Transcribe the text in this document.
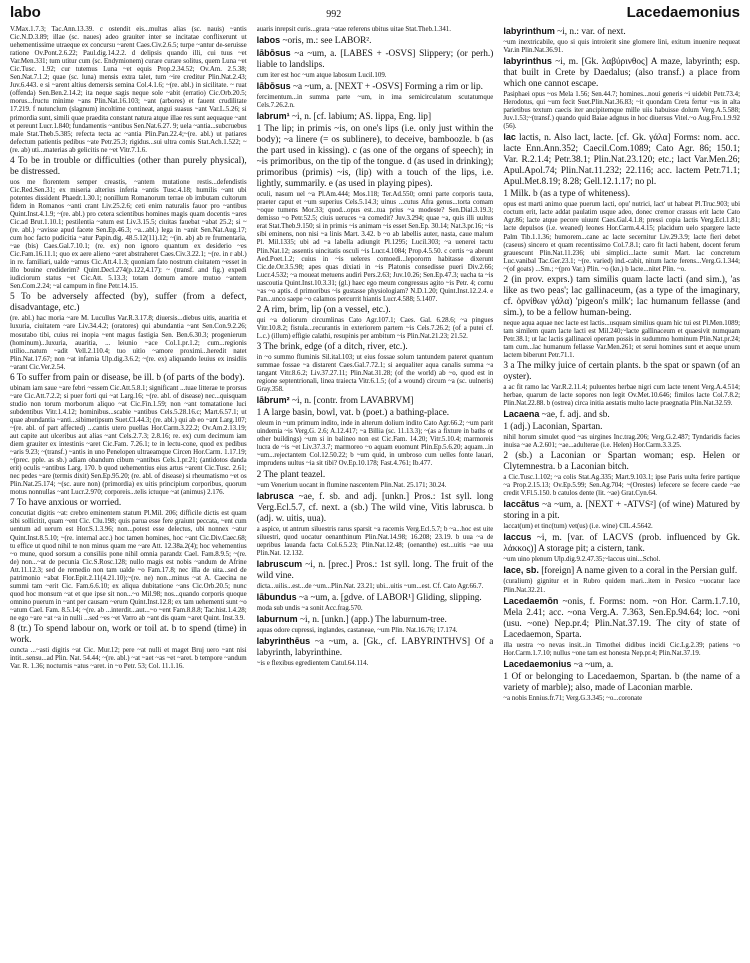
labo	992	Lacedaemonius

V.Max.1.7.3; Tac.Ann.13.39. c ostendit eis...multas alias (sc. nauis) ~antis Cic.N.D.3.89; illae (sc. naues) adeo grauiter inter se incitatae conflixerunt ut uehementissime utraeque ex concursu ~arent Caes.Civ.2.6.5; turpe ~antur de-seruisse ratione Ov.Pont.2.6.22; Paul.dig.14.2.2. d delipsis quando illi, cui tuus ~et Var.Men.331; tum utitur cum (sc. Endymionem) curare curare solitus, quem Luna ~et Cic.Tusc. 1.92; cur tutemus Luna ~et equis Prop.2.34.52; Ov.Am. 2.5.38; Sen.Nat.7.1.2; quae (sc. luna) mensis extra talet, tum ~ire creditur Plin.Nat.2.43; Juv.6.443. e si ~arent altius demersis semina Col.4.1.6; ~(re. abl.) in sicilitate. ~ ruat (offenda) Sen.Ben.2.14.2; ita neque sagis neque sole ~abit (erratio) Cic.Orb.20.5; morus...fructu minime ~ans Plin.Nat.16.103; ~ant (arbores) et fauent crudilitate 17.219. f nutunclum (slagnum) incoltime contineat, angui suasus ~ant Var.L.5.26; si primordia sunt, simili quae praedita constant natura atque illae res sunt aequaque ~ant et pereunt Lucr.1.840; fundamentis ~antibus Sen.Nat.6.27. 9; uela ~antia...subcruebus male Stat.Theb.5.385; refecta tecta ac ~antia Plin.Pan.22.4;~(re. abl.) ut patiares defectum patientis pedibus ~ate Petr.25.3; rigidus...sui ultra comis Stat.Ach.1.522; ~(re. ab) uti...materias ab gelicitis ne ~et Vitr.7.1.6.

4 To be in trouble or difficulties (other than purely physical), be distressed.

uos me florentem semper creastis, ~antem mutatione restis...defendistis Cic.Red.Sen.31; ex miseria alterius inferia ~antis Tusc.4.18; humilis ~ant ubi potentes dissident Phaedr.1.30.1; nonillum Romanorum terrae ob imbutam cultorum fidem in Romanos ~anti crant Liv.25.2.6; ceti enim naturalis fauor pro ~antibus Quint.Inst.4.1.9; ~(re. abl.) pro cetera scientibus homines magis quam docentis ~ares Cic.ad Brut.1.10.1; pestilentia ~atum est Liv.3.15.5; ciuitas fauebat ~abat 25.2; si ~(re. abl.) ~avisse apud facete Sen.Ep.46.3; ~a...abl.) lega in ~anit Sen.Nat.Aug.17; cum hoc facto pudicitia ~atur Papin.dig. 48.5.12(11).12; ~(in. ab) ab re frumentaria, ~ae (bis) Caes.Gal.7.10.1; (re. ex) non ignoro quantum ex desiderio ~es Cic.Fam.16.11.1; quo ex aere alieno ~aret abstraheret Caes.Civ.3.22.1; ~(re. in r abl.) in re. familiari, ualde ~amus Cic.Att.4.1.3; quoniam fato nostrum ciuitatem ~esset in illo bouine crediderim? Quint.Decl.274(p.122,4.17): ~ (transf. and fig.) expedi iudiciorum status ~et Cic.Att. 5.13.3; totam domum amore mutuo ~antem Sen.Com.2.24; ~al campum in fine Petr.14.15.

5 To be adversely affected (by), suffer (from a defect, disadvantage, etc.)

(re. abl.) hac moria ~are M. Lucullus Var.R.3.17.8; diuersis...diebus uitis, auaritia et luxuria, ciuitatem ~are Liv.34.4.2; (oratores) qui abundantia ~ant Sen.Con.9.2.26; mosutabo tibi, cuius rei inopia ~ent magus fastigia Sen. Ben.6.30.3; progenierum (hominum)...luxuria, auaritia, ... leiunio ~ace Col.1.pr.1.2; cum...regionis utilio...natum ~adit Vell.2.110.4; tuo uitio ~amore proximi...heredit natet Plin.Nat.17.67; non ~at infamia Ulp.dig.3.6.2; ~(re. ex) aliquando leuius ex insidiis ~arant Cic.Ver.2.54.

6 To suffer from pain or disease, be ill. b (of parts of the body).

ubinam iam saue ~are febri ~essem Cic.Att.5.8.1; significant ...tuae litterae te prorsus ~are Cic.Att.7.2.2; si puer forti qui ~at Larg.16; ~(re. abl. of disease) nec...quisquam studio non torum morborum aliquo ~at Cic.Fin.1.59; non ~ant tomatatione luci subdentibus Vitr.1.4.12; hominibus...scabie ~antibus Cels.5.28.16.c; Mart.6.57.1; ut quae abundantia ~anti...sibimetipsum Suet.Cl.44.3; (re. abl.) qui ab eo ~ant Larg.107; ~(re. abl. of part affected) ...cantis utero puellas Hor.Carm.3.22.2; Ov.Am.2.13.19; aut capite aut ulceribus aut alias ~ant Cels.2.7.3; 2.8.16; re. ex) cum decimum iam diem grauiter ex intestinis ~aret Cic.Fam. 7.26.1; te in lectu-cone, quod ex pedibus ~aris 9.23; ~(transf.) ~antis in uno Penelopen ultraeamque Circen Hor.Carm. 1.17.19; ~(prec. pple. as sb.) adiam obandum cibum ~antibus Cels.1.pr.21; (antidotos danda erit) oculis ~antibus Larg. 170. b quod uehementius eius artus ~arent Cic.Tusc. 2.61; nec pedes ~are (termis dixit) Sen.Ep.95.20; (re. abl. of disease) si rheumatismo ~et os Plin.Nat.25.174; ~(sc. aure non) (primordia) ex uitis principium corporibus, quorum motus nonnullas ~ant Lucr.2.970; corporeis...telis ictuque ~at (animus) 2.176.

7 To have anxious or worried.

concutiat digitis ~at: crebro eminentem statum Pl.Mil. 206; difficile dictis est quam sibi sollicitit, quam ~ent Cic. Clu.198; quis parua esse fere graiunt peccata, ~ent cum uentum ad uerum est Hor.S.1.3.96; non...potest esse delectus, ubi nonnex ~atur Quint.Inst.8.5.10; ~(re. internal acc.) hoc tamen homines, hoc ~ant Cic.Div.Caec.68; tu effice ut quod nihil te non minus quam me ~are Att. 12.38a.2(4); hoc vehementius ~o mune, quod sorsum a consiliis pone nihil omnia parandz Cael. Fam.8.9.5; ~(re. de) non...~at de pecunia Cic.S.Rosc.128; nullo magis est nobis ~andum de Afrine Att.11.12.3; sed de remedio non tam ualde ~o Fam.17.8; nec illa de uita...sed de patrimonio ~abat Flor.Epit.2.11(4.21.10);~(re. ne) non...minus ~at A. Caecina ne summi tam ~erit Cic. Fam.6.6.10; ex aliqua dubitatione ~ans Cic.Orb.20.5; nunc quod hoc monsum ~at et que ipse sit non...~o Mil.98; nos...quando corporis quoque omnino puerum in ~ant per causam ~erum Quint.Inst.12.8; ex tam uehementi sunt ~o ~atum Cael. Fam. 8.5.14; ~(re. ab ...interdit...aut...~o ~ent Fam.8.8.8; Tac.hist.1.4.28; ne ego ~are ~at ~a in nulli ...sed ~es ~et Varro ab ~ant dis quam ~aret Quint. Inst.3.9.

8 (tr.) To spend labour on, work or toil at. b to spend (time) in work.

cuncta ...~asti digitis ~at Cic. Mur.12; pere ~at nulli et maget Bruj uero ~ant nisi intit...sensu...ad Plin. Nat. 54.44; ~(re. abl.) ~at ~aet ~as ~et ~aret. b tempore ~andum Var. R. 1.36; nocturnis ~atus ~aret. in ~o Petr. 53; Col. 11.1.16.

auaris inrepsit curis...grata ~atae referens ubitus uitae Stat.Theb.1.341.

labos ~oris, m.: see LABOR².

lābōsus ~a ~um, a. [LABES + -OSVS] Slippery; (or perh.) liable to landslips.

cum iter est hoc ~um atque labosum Lucil.109.

lābōsus ~a ~um, a. [NEXT + -OSVS] Forming a rim or lip.

fercimentum...in summa parte ~um, in ima semicirculatum scutatumque Cels.7.26.2.n.

labrum¹ ~i, n. [cf. labium; AS. lippa, Eng. lip]

1 The lip; in primis ~is, on one's lips (i.e. only just within the body); ~a linere (= os sublinere), to deceive, bamboozle. b (as the part used in kissing). c (as one of the organs of speech); in ~is primoribus, on the tip of the tongue. d (as used in drinking); primoribus (primis) ~is, (lip) with a touch of the lips, i.e. lightly, summarily. e (as used in playing pipes).

oculi, nasum uel ~a Pl.Am.444; Mos.118; Ter.Ad.550; omni parte corporis tauta, praeter caput et ~um superius Cels.5.14.3; uinus ...cutus Afra genus...torta comam ~oque tumens Mor.33; quod...opus est...tua prius ~a modeste? Sen.Dial.3.19.3; demisso ~o Petr.52.5; ciuis ueruces ~a comedit? Juv.3.294; quae ~a, quis illi uultus erat Stat.Theb.9.150; si in primis ~is animam ~is esset Sen.Ep. 30.14; Nat.3.pr.16; ~is sibi eminens, non nisi ~a linis Mart. 3.42. b ~o ab labellis auter, nasta, caue malum Pl. Mil.1335; ubi ad ~a labella adiungit Pl.1295; Lucil.303; ~a uenerei tactu Plin.Nat.12; assentis uincitatis osculi ~is Lucr.4.1084; Prop.4.5.50. c certis ~a abeunt Aed.Poet.1.2; cuius in ~is ueleres comoedi...lepororm habitasse dixerunt Cic.de.Or.3.5.98; apes quas dixiati in ~is Platonis consedisse pueri Div.2.66; Lucr.4.532; ~a moueat metuens audiri Pers.2.63; Juv.10.26; Sen.Ep.47.3; uacha ta ~is uascoutia Quint.Inst.10.3.31; (gl.) haec ego meum congressus agito ~is Petr. 4; cornu ~as ~o aptis. d primoribus ~is gustasse physiologiam? N.D.1.20; Quint.Inst.12.2.4. e Pan...unco saepe ~o calamos percurrit hiantis Lucr.4.588; 5.1407.

2 A rim, brim, lip (on a vessel, etc.).

qui ~a doliorum circumlinas Cato Agr.107.1; Caes. Gal. 6.28.6; ~a pingues Vitr.10.8.2; fistula...recurantis in exteriorem partem ~is Cels.7.26.2; (of a putei cf. L.c.) (illum) effigie calathi, resupinis per ambitum ~is Plin.Nat.21.23; 21.52.

3 The brink, edge (of a ditch, river, etc.).

in ~o summo fluminis Sil.ital.103; ut eius fossae solum tantundem pateret quantum summae fossae ~a distarent Caes.Gal.7.72.1; si aequaliter aqua canalis summa ~a tangant Vitr.8.6.2; Liv.37.27.11; Plin.Nat.31.28; (of the world) ab ~o, quod est in regione septentrionali, linea traiecta Vitr.6.1.5; (of a wound) circum ~a (sc. uulneris) Gray.358.

lābrum² ~i, n. [contr. from LAVABRVM]

1 A large basin, bowl, vat. b (poet.) a bathing-place.

oleum in ~um primum indito, inde in alterum dolium indito Cato Agr.66.2; ~um parit uindemia ~is Verg.G. 2.6; A.12.417; ~a Billia (sc. 11.13.3); ~(as a fixture in baths or other buildings) ~um si in balineo non est Cic.Fam. 14.20; Vitr.5.10.4; marmoreis lucra de ~is ~et Liv.37.3.7; marmoreo ~o aquam euomunt Plin.Ep.5.6.20; aquam...in ~um...rejectantem Col.12.50.22; b ~um quid, in umbroso cum uelles fonte lauari, imprudens uultus ~ia sit tibi? Ov.Ep.10.178; Fast.4.761; Ib.477.

2 The plant teazel.

~um Venerium uocant in flumine nascentem Plin.Nat. 25.171; 30.24.

labrusca ~ae, f. sb. and adj. [unkn.] Pros.: 1st syll. long Verg.Ecl.5.7, cf. next. a (sb.) The wild vine, Vitis labrusca. b (adj. w. uitis, uua).

a aspice, ut antrum siluestris rarus sparsit ~a racemis Verg.Ecl.5.7; b ~a...hoc est uite siluestri, quod uocatur oenanthinum Plin.Nat.14.98; 16.208; 23.19. b uua ~a de uepribus lauanda facta Col.6.5.23; Plin.Nat.12.48; (oenanthe) est...uitis ~ae uua Plin.Nat. 12.132.

labruscum ~i, n. [prec.] Pros.: 1st syll. long. The fruit of the wild vine.

dicta...uilis...est...de ~um...Plin.Nat. 23.21; ubi...uitis ~um...est. Cf. Cato Agr.66.7.

lābundus ~a ~um, a. [gdve. of LABOR¹] Gliding, slipping.

moda sub undis ~a sonit Acc.frag.570.

laburnum ~i, n. [unkn.] (app.) The laburnum-tree.

aquas odore cupressi, inglandes, castaneae, ~um Plin. Nat.16.76; 17.174.

labyrinthēus ~a ~um, a. [Gk., cf. LABYRINTHVS] Of a labyrinth, labyrinthine.

~is e flexibus egredientem Catul.64.114.

labyrinthum ~i, n.: var. of next.

~um inextricabile, quo si quis introierit sine glomere lini, exitum inuenire nequeat Var.in Plin.Nat.36.91.

labyrinthus ~i, m. [Gk. λαβύρινθος] A maze, labyrinth; esp. that built in Crete by Daedalus; (also transf.) a place from which one cannot escape.

Pasiphaei opus ~os Mela 1.56; Sen.44.7; homines...noui generis ~i uidebit Petr.73.4; Herodotus, qui ~um fecit Suet.Plin.Nat.36.83; ~it quondam Creta fertur ~us in alta parietibus textum caecis iter ancipitemque mille uiis habuisse dolum Verg.A.5.588; Juv.1.53;~(transf.) quando quid Baiae adgnus in hoc diuersus Vitel.~o Aug.Fro.1.9.92 (56).

lac lactis, n. Also lact, lacte. [cf. Gk. γάλα] Forms: nom. acc. lacte Enn.Ann.352; Caecil.Com.1089; Cato Agr. 86; 150.1; Var. R.2.1.4; Petr.38.1; Plin.Nat.23.120; etc.; lact Var.Men.26; Apul.Apol.74; Plin.Nat.11.232; 22.116; acc. lactem Petr.71.1; Apul.Met.8.19; 8.28; Gell.12.1.17; no pl.

1 Milk. b (as a type of whiteness).

opus est marti animo quae puerum lacti, opu' nutrici, lact' ut habeat Pl.Truc.903; ubi coctum erit, lacte addat paulatim usque adeo, donec cremor crassus erit lacte Cato Agr.86; lacte atque pecore uiuunt Caes.Gal.4.1.8; pressi copia lactis Verg.Ecl.1.81; lacte depulsos (i.e. weaned) leones Hor.Carm.4.4.15; placidum uelo spargere lacte Palm Tib.1.1.36; humorem...cane ac lacte secernitur Liv.29.3.9; lacte fieri debet (caseus) sincero et quam recentissimo Col.7.8.1; caro fit lacti habent, docent ferum grauescunt Plin.Nat.11.236; ubi simplici...lacte sumit Mart. lac concretum Luc.vanibal Tac.Ger.23.1; ~(re. varied) ind.-cabit, nitum lacte ferens...Verg.G.1.344; ~(of goats) ...Sm.; ~(pro Var.) Plin. ~o (kn.) b lacte...nitet Plin. ~o.

2 (in prov. exprs.) tam similis quam lacte lacti (and sim.), 'as like as two peas'; lac gallinaceum, (as a type of the imaginary, cf. ὀρνίθων γάλα) 'pigeon's milk'; lac humanum fellasse (and sim.), to be a fellow human-being.

neque aqua aquae nec lacte est lactis...usquam similius quam hic tui est Pl.Men.1089; tam similem quam lacte lacti est Mil.240;~lacte gallinaceum et quaesivit numquam Petr.38.1; ut lac lactis gallinacei operam possis in sudummo hominum Plin.Nat.pr.24; tam cum...lac humanum fellasse Var.Men.261; et serui homines sunt et aeque unum lactem biberunt Petr.71.1.

3 a The milky juice of certain plants. b the spat or spawn (of an oyster).

a ac fit ramo lac Var.R.2.11.4; puluentes herbae nigri cum lacte tenent Verg.A.4.514; herbae, quarum de lacte sopores non legit Ov.Met.10.646; fimilos lacte Col.7.8.2; Plin.Nat.22.88. b (ostrea) circa initia aestatis multo lacte praegnatia Plin.Nat.32.59.

Lacaena ~ae, f. adj. and sb.

1 (adj.) Laconian, Spartan.

nihil horum simulet quod ~as uirgines Inc.trag.206; Verg.G.2.487; Tyndaridis facies inuisa ~ae A.2.601; ~ae...adulterae (i.e. Helen) Hor.Carm.3.3.25.

2 (sb.) a Laconian or Spartan woman; esp. Helen or Clytemnestra. b a Laconian bitch.

a Cic.Tusc.1.102; ~a colis Stat.Ag.335; Mart.9.103.1; ipse Paris uulta ferire partique ~a Prop.2.15.13; Ov.Ep.5.99; Sen.Ag.704; ~(Orestes) lefecere se fecere caede ~ae credit V.Fl.5.150. b catulos dente (lit. ~ae) Grat.Cyn.64.

laccātus ~a ~um, a. [NEXT + -ATVS²] (of wine) Matured by storing in a pit.

laccat(um) et tinc(tum) vet(us) (i.e. wine) CIL.4.5642.

laccus ~i, m. [var. of LACVS (prob. influenced by Gk. λάκκος)] A storage pit; a cistern, tank.

~um uino plenum Ulp.dig.9.2.47.35;~laccus uini...Schol.

lace, sb. [foreign] A name given to a coral in the Persian gulf.

(curalium) gignitur et in Rubro quidem mari...item in Persico ~uocatur lace Plin.Nat.32.21.

Lacedaemōn ~onis, f. Forms: nom. ~on Hor. Carm.1.7.10, Mela 2.41; acc. ~ona Verg.A. 7.363, Sen.Ep.94.64; loc. ~oni (usu. ~one) Nep.pr.4; Plin.Nat.37.19. The city of state of Lacedaemon, Sparta.

illa uestra ~o nevas insit...in Timothei didibus incidi Cic.Lg.2.39; patiens ~o Hor.Carm.1.7.10; nullus ~one tam est honesta Nep.pr.4; Plin.Nat.37.19.

Lacedaemonius ~a ~um, a.

1 Of or belonging to Lacedaemon, Spartan. b (the name of a variety of marble); also, made of Laconian marble.

~a nobis Ennius.fr.71; Verg.G.3.345; ~o...coronate
